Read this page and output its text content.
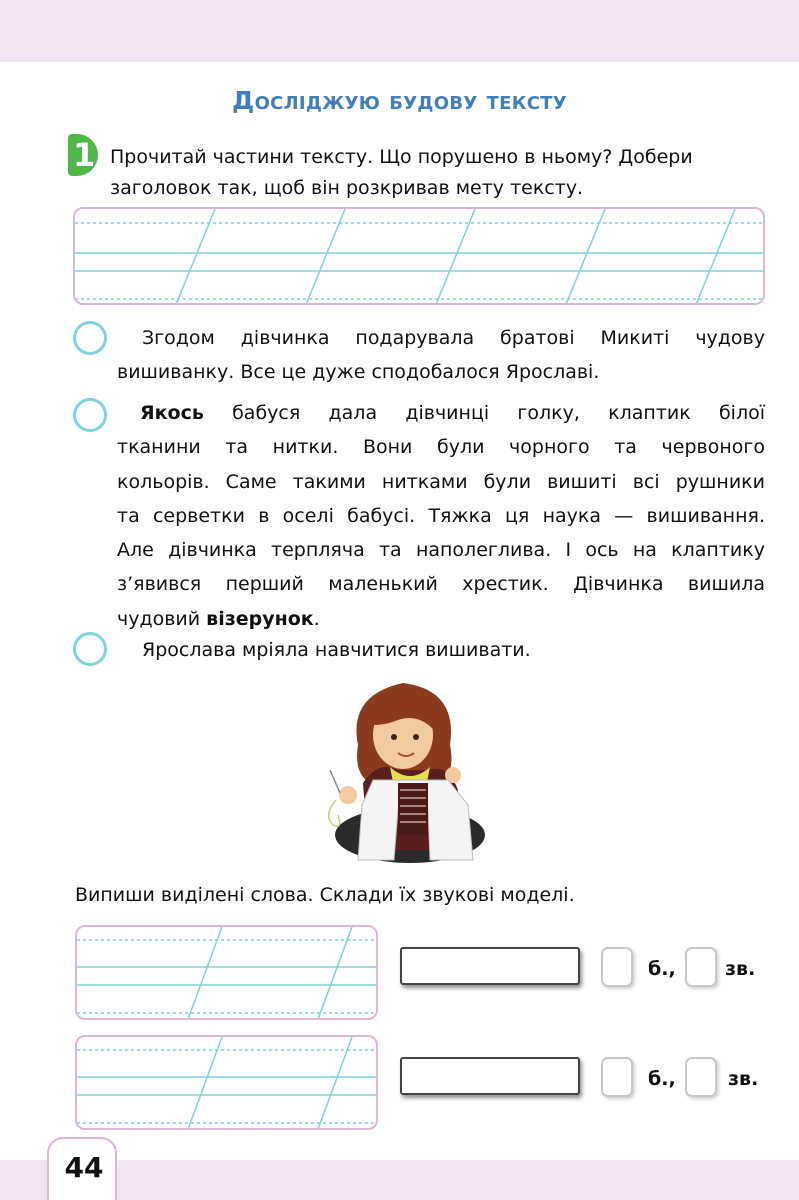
Досліджую будову тексту
1 Прочитай частини тексту. Що порушено в ньому? Добери
заголовок так, щоб він розкривав мету тексту.
Згодом дівчинка подарувала братові Микиті чудову
вишиванку. Все це дуже сподобалося Ярославі.
Якось бабуся дала дівчинці голку, клаптик білої
тканини та нитки. Вони були чорного та червоного
кольорів. Саме такими нитками були вишиті всі рушники
та серветки в оселі бабусі. Тяжка ця наука — вишивання.
Але дівчинка терпляча та наполеглива. І ось на клаптику
з’явився перший маленький хрестик. Дівчинка вишила
чудовий візерунок.
Ярослава мріяла навчитися вишивати.
Випиши виділені слова. Склади їх звукові моделі.
б.,	зв.
б.,	зв.
44
